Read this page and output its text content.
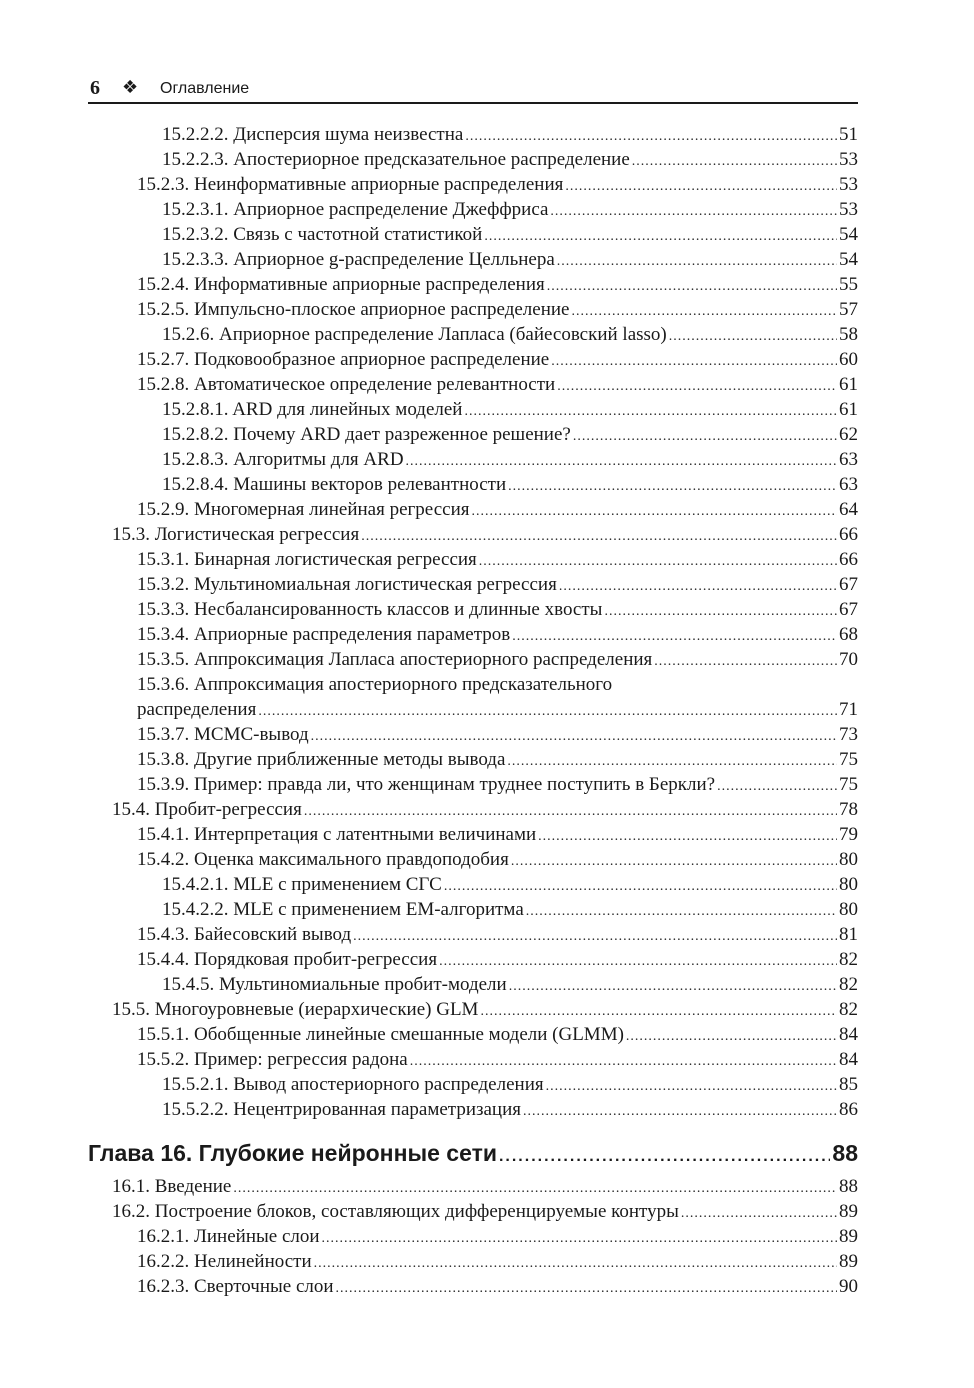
6 ❖ Оглавление
15.2.2.2. Дисперсия шума неизвестна .....	51
15.2.2.3. Апостериорное предсказательное распределение .....	53
15.2.3. Неинформативные априорные распределения .....	53
15.2.3.1. Априорное распределение Джеффриса .....	53
15.2.3.2. Связь с частотной статистикой .....	54
15.2.3.3. Априорное g-распределение Целльнера .....	54
15.2.4. Информативные априорные распределения .....	55
15.2.5. Импульсно-плоское априорное распределение .....	57
15.2.6. Априорное распределение Лапласа (байесовский lasso) .....	58
15.2.7. Подковообразное априорное распределение .....	60
15.2.8. Автоматическое определение релевантности .....	61
15.2.8.1. ARD для линейных моделей .....	61
15.2.8.2. Почему ARD дает разреженное решение? .....	62
15.2.8.3. Алгоритмы для ARD .....	63
15.2.8.4. Машины векторов релевантности .....	63
15.2.9. Многомерная линейная регрессия .....	64
15.3. Логистическая регрессия .....	66
15.3.1. Бинарная логистическая регрессия .....	66
15.3.2. Мультиномиальная логистическая регрессия .....	67
15.3.3. Несбалансированность классов и длинные хвосты .....	67
15.3.4. Априорные распределения параметров .....	68
15.3.5. Аппроксимация Лапласа апостериорного распределения .....	70
15.3.6. Аппроксимация апостериорного предсказательного
распределения .....	71
15.3.7. MCMC-вывод .....	73
15.3.8. Другие приближенные методы вывода .....	75
15.3.9. Пример: правда ли, что женщинам труднее поступить в Беркли? .....	75
15.4. Пробит-регрессия .....	78
15.4.1. Интерпретация с латентными величинами .....	79
15.4.2. Оценка максимального правдоподобия .....	80
15.4.2.1. MLE с применением СГС .....	80
15.4.2.2. MLE с применением EM-алгоритма .....	80
15.4.3. Байесовский вывод .....	81
15.4.4. Порядковая пробит-регрессия .....	82
15.4.5. Мультиномиальные пробит-модели .....	82
15.5. Многоуровневые (иерархические) GLM .....	82
15.5.1. Обобщенные линейные смешанные модели (GLMM) .....	84
15.5.2. Пример: регрессия радона .....	84
15.5.2.1. Вывод апостериорного распределения .....	85
15.5.2.2. Нецентрированная параметризация .....	86
Глава 16. Глубокие нейронные сети .....	88
16.1. Введение .....	88
16.2. Построение блоков, составляющих дифференцируемые контуры .....	89
16.2.1. Линейные слои .....	89
16.2.2. Нелинейности .....	89
16.2.3. Сверточные слои .....	90
